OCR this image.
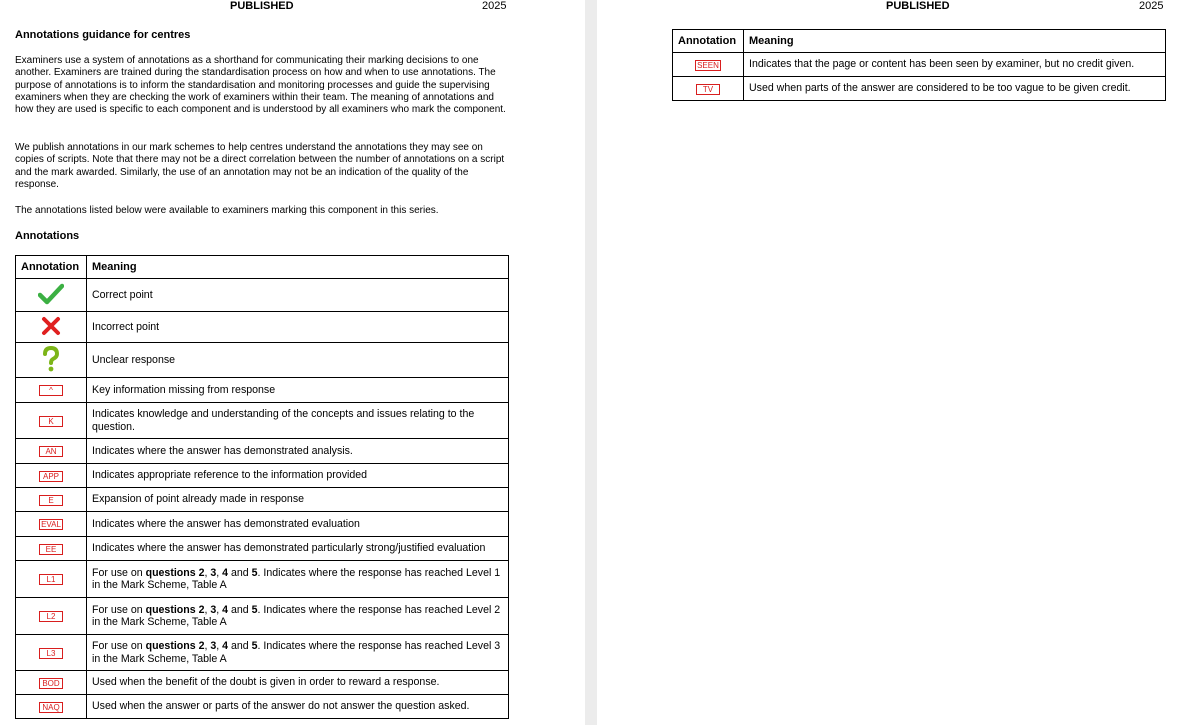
PUBLISHED	2025
Annotations guidance for centres
Examiners use a system of annotations as a shorthand for communicating their marking decisions to one another. Examiners are trained during the standardisation process on how and when to use annotations. The purpose of annotations is to inform the standardisation and monitoring processes and guide the supervising examiners when they are checking the work of examiners within their team. The meaning of annotations and how they are used is specific to each component and is understood by all examiners who mark the component.
We publish annotations in our mark schemes to help centres understand the annotations they may see on copies of scripts. Note that there may not be a direct correlation between the number of annotations on a script and the mark awarded. Similarly, the use of an annotation may not be an indication of the quality of the response.
The annotations listed below were available to examiners marking this component in this series.
Annotations
Annotation	Meaning
	Correct point
	Incorrect point
	Unclear response
^	Key information missing from response
K	Indicates knowledge and understanding of the concepts and issues relating to the question.
AN	Indicates where the answer has demonstrated analysis.
APP	Indicates appropriate reference to the information provided
E	Expansion of point already made in response
EVAL	Indicates where the answer has demonstrated evaluation
EE	Indicates where the answer has demonstrated particularly strong/justified evaluation
L1	For use on questions 2, 3, 4 and 5. Indicates where the response has reached Level 1 in the Mark Scheme, Table A
L2	For use on questions 2, 3, 4 and 5. Indicates where the response has reached Level 2 in the Mark Scheme, Table A
L3	For use on questions 2, 3, 4 and 5. Indicates where the response has reached Level 3 in the Mark Scheme, Table A
BOD	Used when the benefit of the doubt is given in order to reward a response.
NAQ	Used when the answer or parts of the answer do not answer the question asked.
PUBLISHED	2025
Annotation	Meaning
SEEN	Indicates that the page or content has been seen by examiner, but no credit given.
TV	Used when parts of the answer are considered to be too vague to be given credit.
